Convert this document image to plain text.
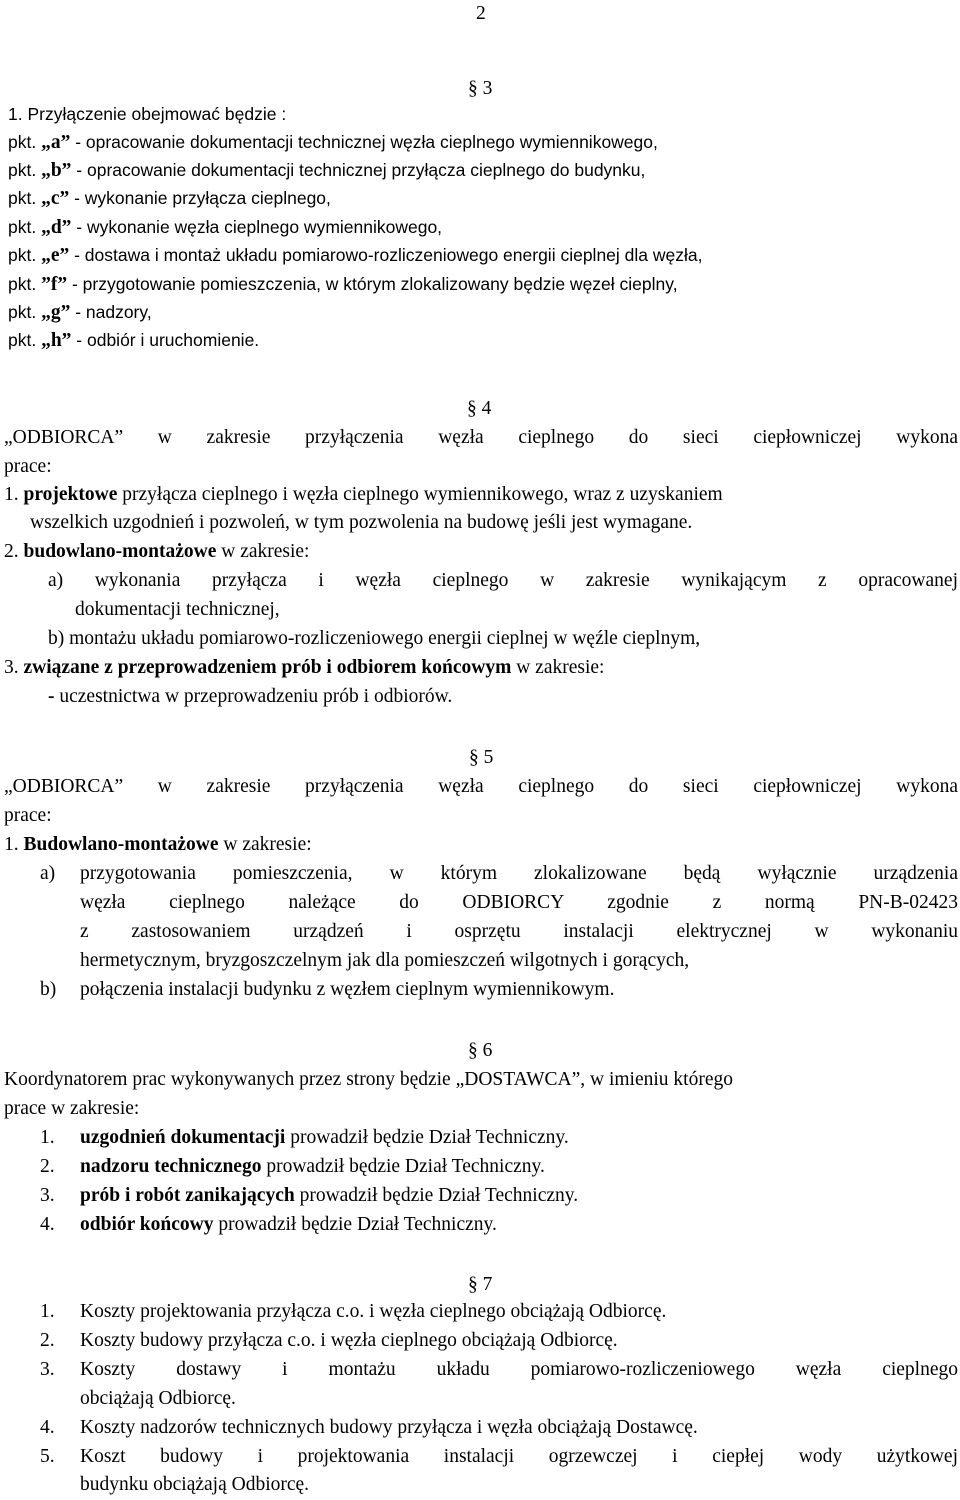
2
§ 3
1. Przyłączenie obejmować będzie :
pkt. „a” - opracowanie dokumentacji technicznej węzła cieplnego wymiennikowego,
pkt. „b” - opracowanie dokumentacji technicznej przyłącza cieplnego do budynku,
pkt. „c” - wykonanie przyłącza cieplnego,
pkt. „d” - wykonanie węzła cieplnego wymiennikowego,
pkt. „e” - dostawa i montaż układu pomiarowo-rozliczeniowego energii cieplnej dla węzła,
pkt. ”f” - przygotowanie pomieszczenia, w którym zlokalizowany będzie węzeł cieplny,
pkt. „g” - nadzory,
pkt. „h” - odbiór i uruchomienie.
§ 4
„ODBIORCA” w zakresie przyłączenia węzła cieplnego do sieci ciepłowniczej wykona
prace:
1. projektowe przyłącza cieplnego i węzła cieplnego wymiennikowego, wraz z uzyskaniem
wszelkich uzgodnień i pozwoleń, w tym pozwolenia na budowę jeśli jest wymagane.
2. budowlano-montażowe w zakresie:
a) wykonania przyłącza i węzła cieplnego w zakresie wynikającym z opracowanej
dokumentacji technicznej,
b) montażu układu pomiarowo-rozliczeniowego energii cieplnej w węźle cieplnym,
3. związane z przeprowadzeniem prób i odbiorem końcowym w zakresie:
- uczestnictwa w przeprowadzeniu prób i odbiorów.
§ 5
„ODBIORCA” w zakresie przyłączenia węzła cieplnego do sieci ciepłowniczej wykona
prace:
1. Budowlano-montażowe w zakresie:
a) przygotowania pomieszczenia, w którym zlokalizowane będą wyłącznie urządzenia
węzła cieplnego należące do ODBIORCY zgodnie z normą PN-B-02423
z zastosowaniem urządzeń i osprzętu instalacji elektrycznej w wykonaniu
hermetycznym, bryzgoszczelnym jak dla pomieszczeń wilgotnych i gorących,
b) połączenia instalacji budynku z węzłem cieplnym wymiennikowym.
§ 6
Koordynatorem prac wykonywanych przez strony będzie „DOSTAWCA”, w imieniu którego
prace w zakresie:
1. uzgodnień dokumentacji prowadził będzie Dział Techniczny.
2. nadzoru technicznego prowadził będzie Dział Techniczny.
3. prób i robót zanikających prowadził będzie Dział Techniczny.
4. odbiór końcowy prowadził będzie Dział Techniczny.
§ 7
1. Koszty projektowania przyłącza c.o. i węzła cieplnego obciążają Odbiorcę.
2. Koszty budowy przyłącza c.o. i węzła cieplnego obciążają Odbiorcę.
3. Koszty dostawy i montażu układu pomiarowo-rozliczeniowego węzła cieplnego
obciążają Odbiorcę.
4. Koszty nadzorów technicznych budowy przyłącza i węzła obciążają Dostawcę.
5. Koszt budowy i projektowania instalacji ogrzewczej i ciepłej wody użytkowej
budynku obciążają Odbiorcę.
